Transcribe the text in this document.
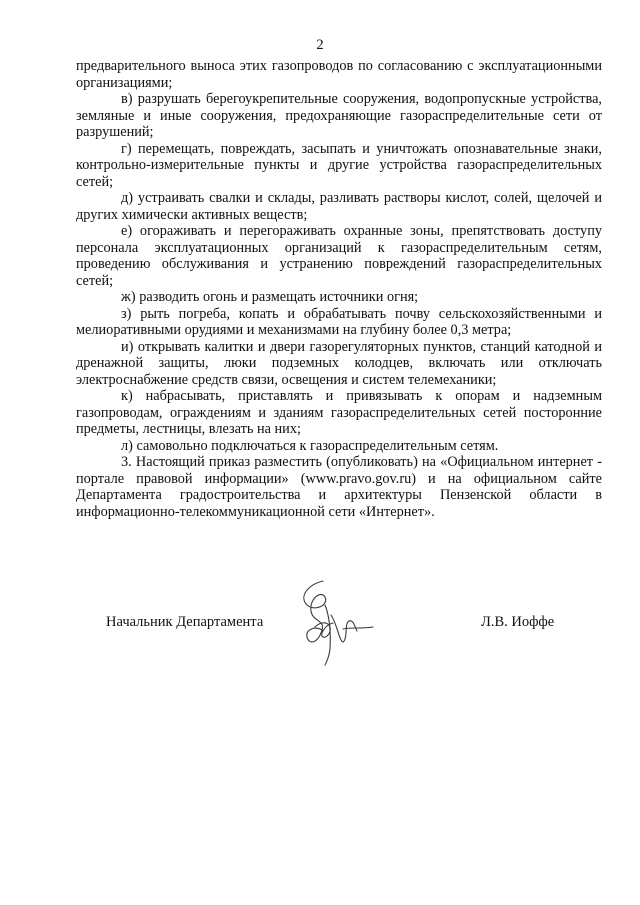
2

предварительного выноса этих газопроводов по согласованию с эксплуатационными организациями;

в) разрушать берегоукрепительные сооружения, водопропускные устройства, земляные и иные сооружения, предохраняющие газораспределительные сети от разрушений;

г) перемещать, повреждать, засыпать и уничтожать опознавательные знаки, контрольно-измерительные пункты и другие устройства газораспределительных сетей;

д) устраивать свалки и склады, разливать растворы кислот, солей, щелочей и других химически активных веществ;

е) огораживать и перегораживать охранные зоны, препятствовать доступу персонала эксплуатационных организаций к газораспределительным сетям, проведению обслуживания и устранению повреждений газораспределительных сетей;

ж) разводить огонь и размещать источники огня;

з) рыть погреба, копать и обрабатывать почву сельскохозяйственными и мелиоративными орудиями и механизмами на глубину более 0,3 метра;

и) открывать калитки и двери газорегуляторных пунктов, станций катодной и дренажной защиты, люки подземных колодцев, включать или отключать электроснабжение средств связи, освещения и систем телемеханики;

к) набрасывать, приставлять и привязывать к опорам и надземным газопроводам, ограждениям и зданиям газораспределительных сетей посторонние предметы, лестницы, влезать на них;

л) самовольно подключаться к газораспределительным сетям.

3. Настоящий приказ разместить (опубликовать) на «Официальном интернет - портале правовой информации» (www.pravo.gov.ru) и на официальном сайте Департамента градостроительства и архитектуры Пензенской области в информационно-телекоммуникационной сети «Интернет».

Начальник Департамента	Л.В. Иоффе
